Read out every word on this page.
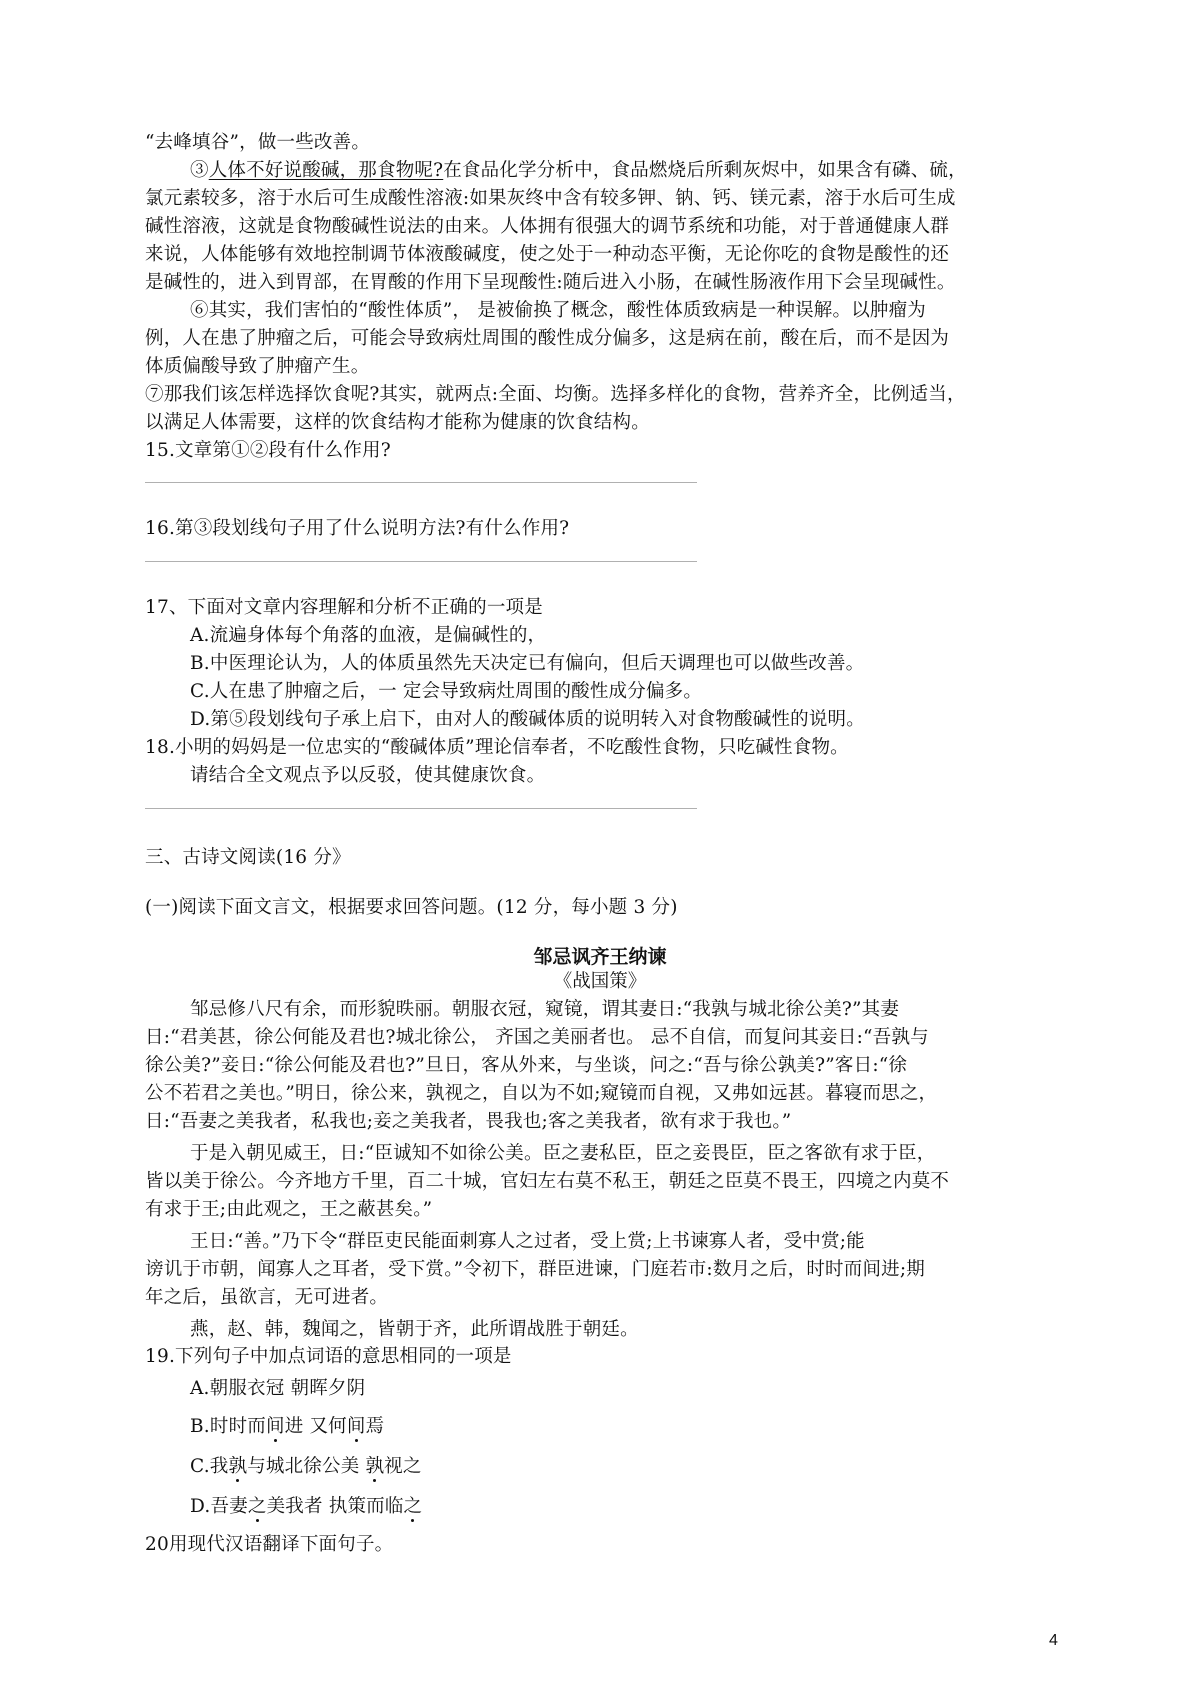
“去峰填谷”，做一些改善。
③人体不好说酸碱，那食物呢?在食品化学分析中，食品燃烧后所剩灰烬中，如果含有磷、硫，
氯元素较多，溶于水后可生成酸性溶液:如果灰终中含有较多钾、钠、钙、镁元素，溶于水后可生成
碱性溶液，这就是食物酸碱性说法的由来。人体拥有很强大的调节系统和功能，对于普通健康人群
来说，人体能够有效地控制调节体液酸碱度，使之处于一种动态平衡，无论你吃的食物是酸性的还
是碱性的，进入到胃部，在胃酸的作用下呈现酸性:随后进入小肠，在碱性肠液作用下会呈现碱性。
⑥其实，我们害怕的“酸性体质”， 是被偷换了概念，酸性体质致病是一种误解。以肿瘤为
例，人在患了肿瘤之后，可能会导致病灶周围的酸性成分偏多，这是病在前，酸在后，而不是因为
体质偏酸导致了肿瘤产生。
⑦那我们该怎样选择饮食呢?其实，就两点:全面、均衡。选择多样化的食物，营养齐全，比例适当，
以满足人体需要，这样的饮食结构才能称为健康的饮食结构。
15.文章第①②段有什么作用?
16.第③段划线句子用了什么说明方法?有什么作用?
17、下面对文章内容理解和分析不正确的一项是
A.流遍身体每个角落的血液，是偏碱性的，
B.中医理论认为，人的体质虽然先天决定已有偏向，但后天调理也可以做些改善。
C.人在患了肿瘤之后，一 定会导致病灶周围的酸性成分偏多。
D.第⑤段划线句子承上启下，由对人的酸碱体质的说明转入对食物酸碱性的说明。
18.小明的妈妈是一位忠实的“酸碱体质”理论信奉者，不吃酸性食物，只吃碱性食物。
请结合全文观点予以反驳，使其健康饮食。
三、古诗文阅读(16 分》
(一)阅读下面文言文，根据要求回答问题。(12 分，每小题 3 分)
邹忌讽齐王纳谏
《战国策》
邹忌修八尺有余，而形貌昳丽。朝服衣冠，窥镜，谓其妻日:“我孰与城北徐公美?”其妻
日:“君美甚，徐公何能及君也?城北徐公， 齐国之美丽者也。 忌不自信，而复问其妾日:“吾孰与
徐公美?”妾日:“徐公何能及君也?”旦日，客从外来，与坐谈，问之:“吾与徐公孰美?”客日:“徐
公不若君之美也。”明日，徐公来，孰视之，自以为不如;窥镜而自视，又弗如远甚。暮寝而思之，
日:“吾妻之美我者，私我也;妾之美我者，畏我也;客之美我者，欲有求于我也。”
于是入朝见威王，日:“臣诚知不如徐公美。臣之妻私臣，臣之妾畏臣，臣之客欲有求于臣，
皆以美于徐公。今齐地方千里，百二十城，官妇左右莫不私王，朝廷之臣莫不畏王，四境之内莫不
有求于王;由此观之，王之蔽甚矣。”
王日:“善。”乃下令“群臣吏民能面刺寡人之过者，受上赏;上书谏寡人者，受中赏;能
谤讥于市朝，闻寡人之耳者，受下赏。”令初下，群臣进谏，门庭若市:数月之后，时时而间进;期
年之后，虽欲言，无可进者。
燕，赵、韩，魏闻之，皆朝于齐，此所谓战胜于朝廷。
19.下列句子中加点词语的意思相同的一项是
A.朝服衣冠 朝晖夕阴
B.时时而间进 又何间焉
C.我孰与城北徐公美 孰视之
D.吾妻之美我者 执策而临之
20用现代汉语翻译下面句子。
4
